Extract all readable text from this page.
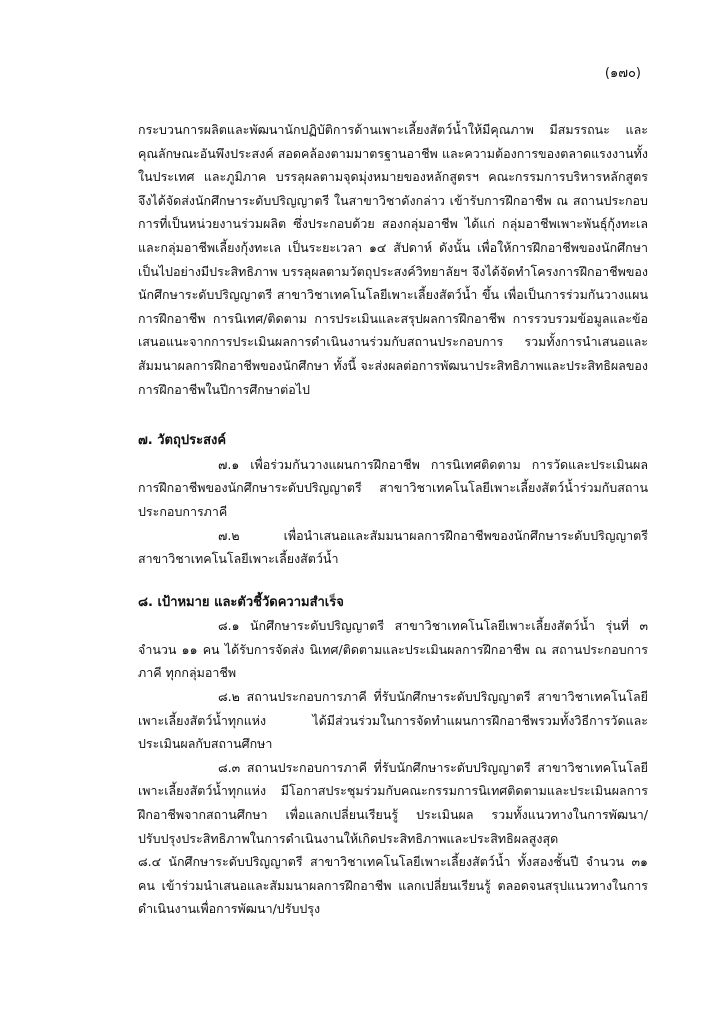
(๑๗๐)

กระบวนการผลิตและพัฒนานักปฏิบัติการด้านเพาะเลี้ยงสัตว์น้ำให้มีคุณภาพ มีสมรรถนะ และคุณลักษณะอันพึงประสงค์ สอดคล้องตามมาตรฐานอาชีพ และความต้องการของตลาดแรงงานทั้งในประเทศ และภูมิภาค บรรลุผลตามจุดมุ่งหมายของหลักสูตรฯ คณะกรรมการบริหารหลักสูตร จึงได้จัดส่งนักศึกษาระดับปริญญาตรี ในสาขาวิชาดังกล่าว เข้ารับการฝึกอาชีพ ณ สถานประกอบการที่เป็นหน่วยงานร่วมผลิต ซึ่งประกอบด้วย สองกลุ่มอาชีพ ได้แก่ กลุ่มอาชีพเพาะพันธุ์กุ้งทะเล และกลุ่มอาชีพเลี้ยงกุ้งทะเล เป็นระยะเวลา ๑๔ สัปดาห์ ดังนั้น เพื่อให้การฝึกอาชีพของนักศึกษา เป็นไปอย่างมีประสิทธิภาพ บรรลุผลตามวัตถุประสงค์วิทยาลัยฯ จึงได้จัดทำโครงการฝึกอาชีพของนักศึกษาระดับปริญญาตรี สาขาวิชาเทคโนโลยีเพาะเลี้ยงสัตว์น้ำ ขึ้น เพื่อเป็นการร่วมกันวางแผนการฝึกอาชีพ การนิเทศ/ติดตาม การประเมินและสรุปผลการฝึกอาชีพ การรวบรวมข้อมูลและข้อเสนอแนะจากการประเมินผลการดำเนินงานร่วมกับสถานประกอบการ รวมทั้งการนำเสนอและสัมมนาผลการฝึกอาชีพของนักศึกษา ทั้งนี้ จะส่งผลต่อการพัฒนาประสิทธิภาพและประสิทธิผลของการฝึกอาชีพในปีการศึกษาต่อไป

๗. วัตถุประสงค์

๗.๑ เพื่อร่วมกันวางแผนการฝึกอาชีพ การนิเทศติดตาม การวัดและประเมินผลการฝึกอาชีพของนักศึกษาระดับปริญญาตรี สาขาวิชาเทคโนโลยีเพาะเลี้ยงสัตว์น้ำร่วมกับสถานประกอบการภาคี

๗.๒ เพื่อนำเสนอและสัมมนาผลการฝึกอาชีพของนักศึกษาระดับปริญญาตรี สาขาวิชาเทคโนโลยีเพาะเลี้ยงสัตว์น้ำ

๘. เป้าหมาย และตัวชี้วัดความสำเร็จ

๘.๑ นักศึกษาระดับปริญญาตรี สาขาวิชาเทคโนโลยีเพาะเลี้ยงสัตว์น้ำ รุ่นที่ ๓ จำนวน ๑๑ คน ได้รับการจัดส่ง นิเทศ/ติดตามและประเมินผลการฝึกอาชีพ ณ สถานประกอบการภาคี ทุกกลุ่มอาชีพ

๘.๒ สถานประกอบการภาคี ที่รับนักศึกษาระดับปริญญาตรี สาขาวิชาเทคโนโลยีเพาะเลี้ยงสัตว์น้ำทุกแห่ง ได้มีส่วนร่วมในการจัดทำแผนการฝึกอาชีพรวมทั้งวิธีการวัดและประเมินผลกับสถานศึกษา

๘.๓ สถานประกอบการภาคี ที่รับนักศึกษาระดับปริญญาตรี สาขาวิชาเทคโนโลยีเพาะเลี้ยงสัตว์น้ำทุกแห่ง มีโอกาสประชุมร่วมกับคณะกรรมการนิเทศติดตามและประเมินผลการฝึกอาชีพจากสถานศึกษา เพื่อแลกเปลี่ยนเรียนรู้ ประเมินผล รวมทั้งแนวทางในการพัฒนา/ปรับปรุงประสิทธิภาพในการดำเนินงานให้เกิดประสิทธิภาพและประสิทธิผลสูงสุด

๘.๔ นักศึกษาระดับปริญญาตรี สาขาวิชาเทคโนโลยีเพาะเลี้ยงสัตว์น้ำ ทั้งสองชั้นปี จำนวน ๓๑ คน เข้าร่วมนำเสนอและสัมมนาผลการฝึกอาชีพ แลกเปลี่ยนเรียนรู้ ตลอดจนสรุปแนวทางในการดำเนินงานเพื่อการพัฒนา/ปรับปรุง
